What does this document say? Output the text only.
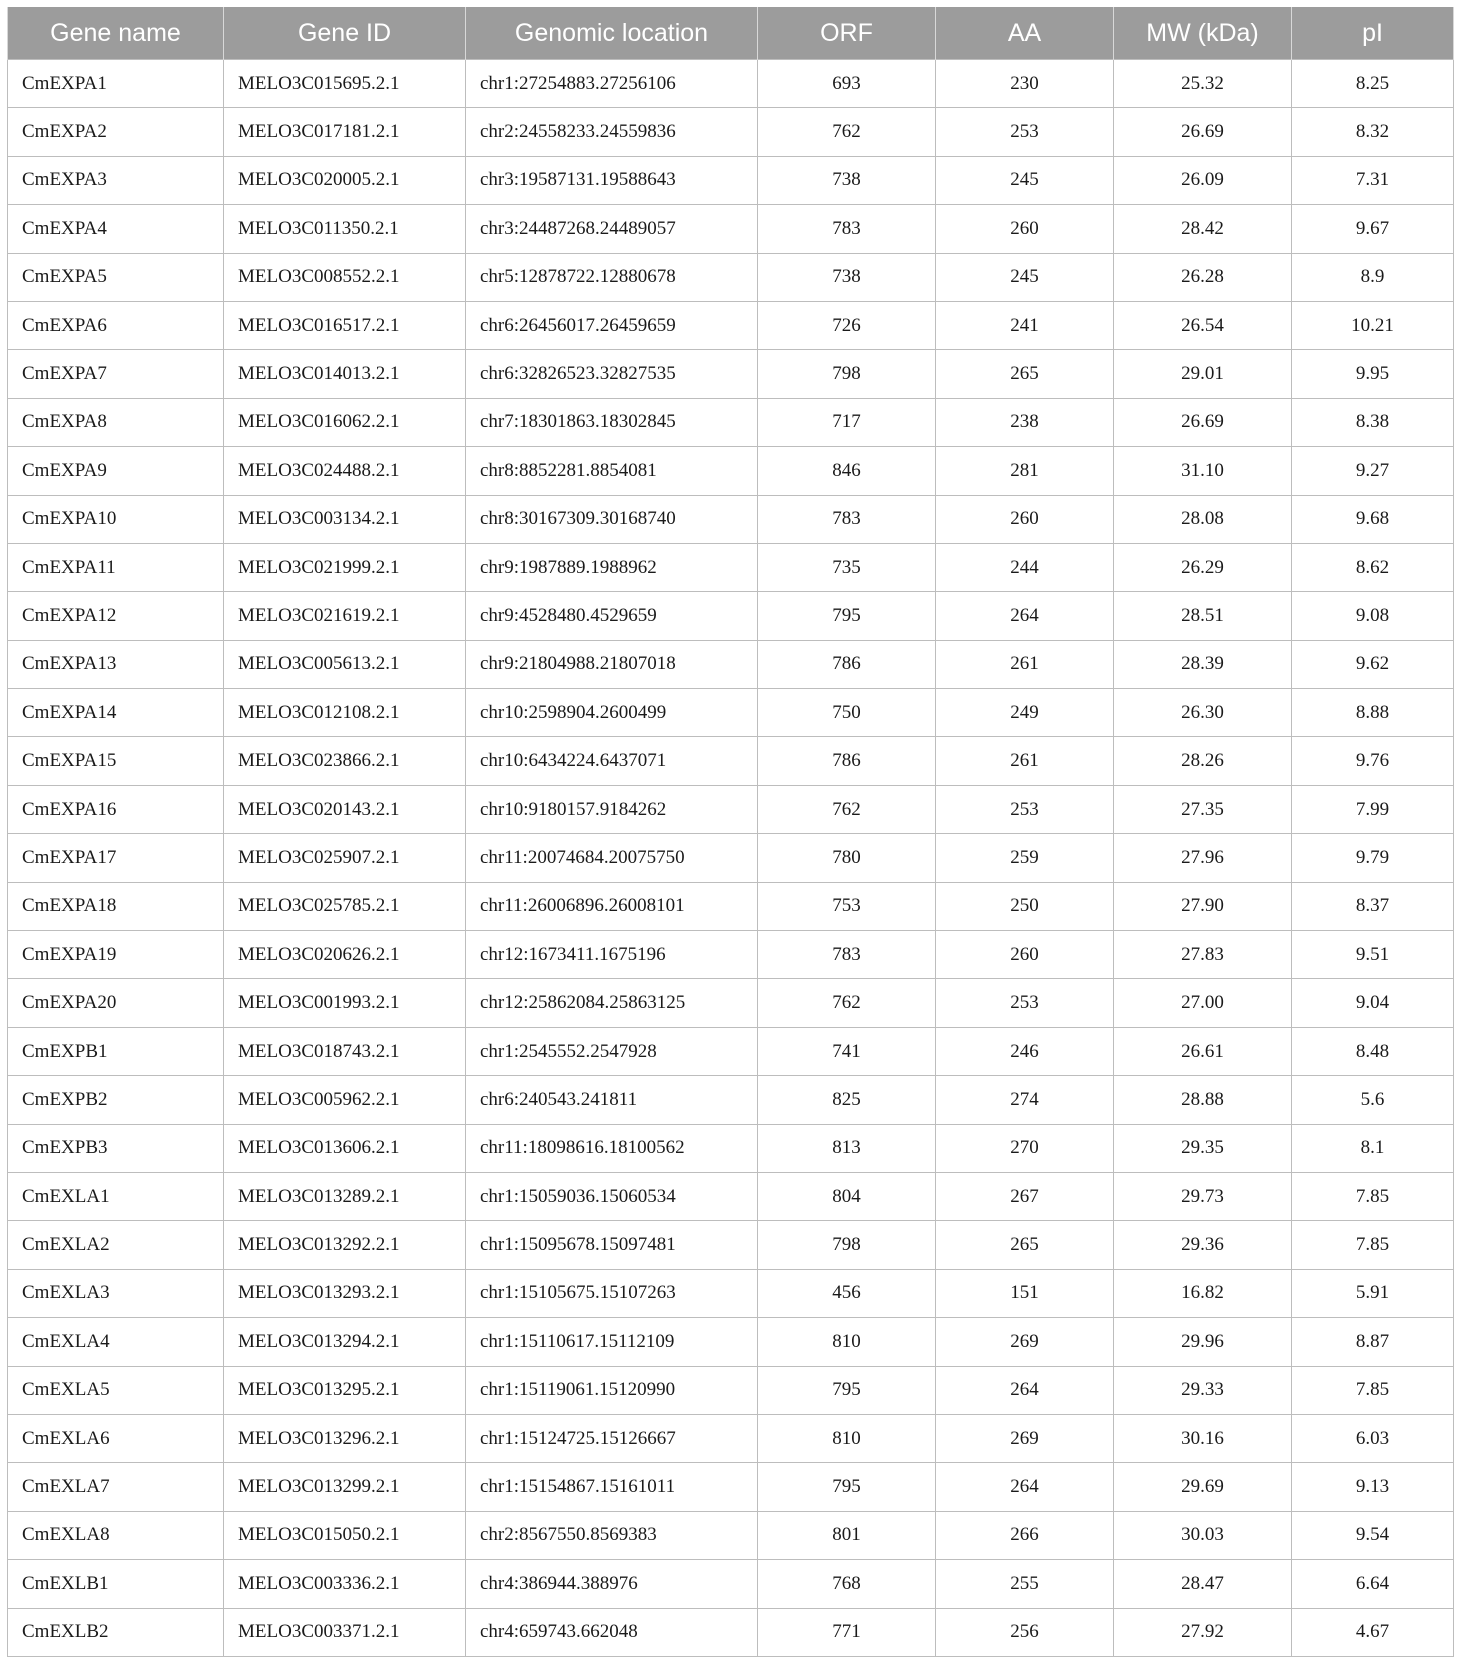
Gene name	Gene ID	Genomic location	ORF	AA	MW (kDa)	pI
CmEXPA1	MELO3C015695.2.1	chr1:27254883.27256106	693	230	25.32	8.25
CmEXPA2	MELO3C017181.2.1	chr2:24558233.24559836	762	253	26.69	8.32
CmEXPA3	MELO3C020005.2.1	chr3:19587131.19588643	738	245	26.09	7.31
CmEXPA4	MELO3C011350.2.1	chr3:24487268.24489057	783	260	28.42	9.67
CmEXPA5	MELO3C008552.2.1	chr5:12878722.12880678	738	245	26.28	8.9
CmEXPA6	MELO3C016517.2.1	chr6:26456017.26459659	726	241	26.54	10.21
CmEXPA7	MELO3C014013.2.1	chr6:32826523.32827535	798	265	29.01	9.95
CmEXPA8	MELO3C016062.2.1	chr7:18301863.18302845	717	238	26.69	8.38
CmEXPA9	MELO3C024488.2.1	chr8:8852281.8854081	846	281	31.10	9.27
CmEXPA10	MELO3C003134.2.1	chr8:30167309.30168740	783	260	28.08	9.68
CmEXPA11	MELO3C021999.2.1	chr9:1987889.1988962	735	244	26.29	8.62
CmEXPA12	MELO3C021619.2.1	chr9:4528480.4529659	795	264	28.51	9.08
CmEXPA13	MELO3C005613.2.1	chr9:21804988.21807018	786	261	28.39	9.62
CmEXPA14	MELO3C012108.2.1	chr10:2598904.2600499	750	249	26.30	8.88
CmEXPA15	MELO3C023866.2.1	chr10:6434224.6437071	786	261	28.26	9.76
CmEXPA16	MELO3C020143.2.1	chr10:9180157.9184262	762	253	27.35	7.99
CmEXPA17	MELO3C025907.2.1	chr11:20074684.20075750	780	259	27.96	9.79
CmEXPA18	MELO3C025785.2.1	chr11:26006896.26008101	753	250	27.90	8.37
CmEXPA19	MELO3C020626.2.1	chr12:1673411.1675196	783	260	27.83	9.51
CmEXPA20	MELO3C001993.2.1	chr12:25862084.25863125	762	253	27.00	9.04
CmEXPB1	MELO3C018743.2.1	chr1:2545552.2547928	741	246	26.61	8.48
CmEXPB2	MELO3C005962.2.1	chr6:240543.241811	825	274	28.88	5.6
CmEXPB3	MELO3C013606.2.1	chr11:18098616.18100562	813	270	29.35	8.1
CmEXLA1	MELO3C013289.2.1	chr1:15059036.15060534	804	267	29.73	7.85
CmEXLA2	MELO3C013292.2.1	chr1:15095678.15097481	798	265	29.36	7.85
CmEXLA3	MELO3C013293.2.1	chr1:15105675.15107263	456	151	16.82	5.91
CmEXLA4	MELO3C013294.2.1	chr1:15110617.15112109	810	269	29.96	8.87
CmEXLA5	MELO3C013295.2.1	chr1:15119061.15120990	795	264	29.33	7.85
CmEXLA6	MELO3C013296.2.1	chr1:15124725.15126667	810	269	30.16	6.03
CmEXLA7	MELO3C013299.2.1	chr1:15154867.15161011	795	264	29.69	9.13
CmEXLA8	MELO3C015050.2.1	chr2:8567550.8569383	801	266	30.03	9.54
CmEXLB1	MELO3C003336.2.1	chr4:386944.388976	768	255	28.47	6.64
CmEXLB2	MELO3C003371.2.1	chr4:659743.662048	771	256	27.92	4.67
